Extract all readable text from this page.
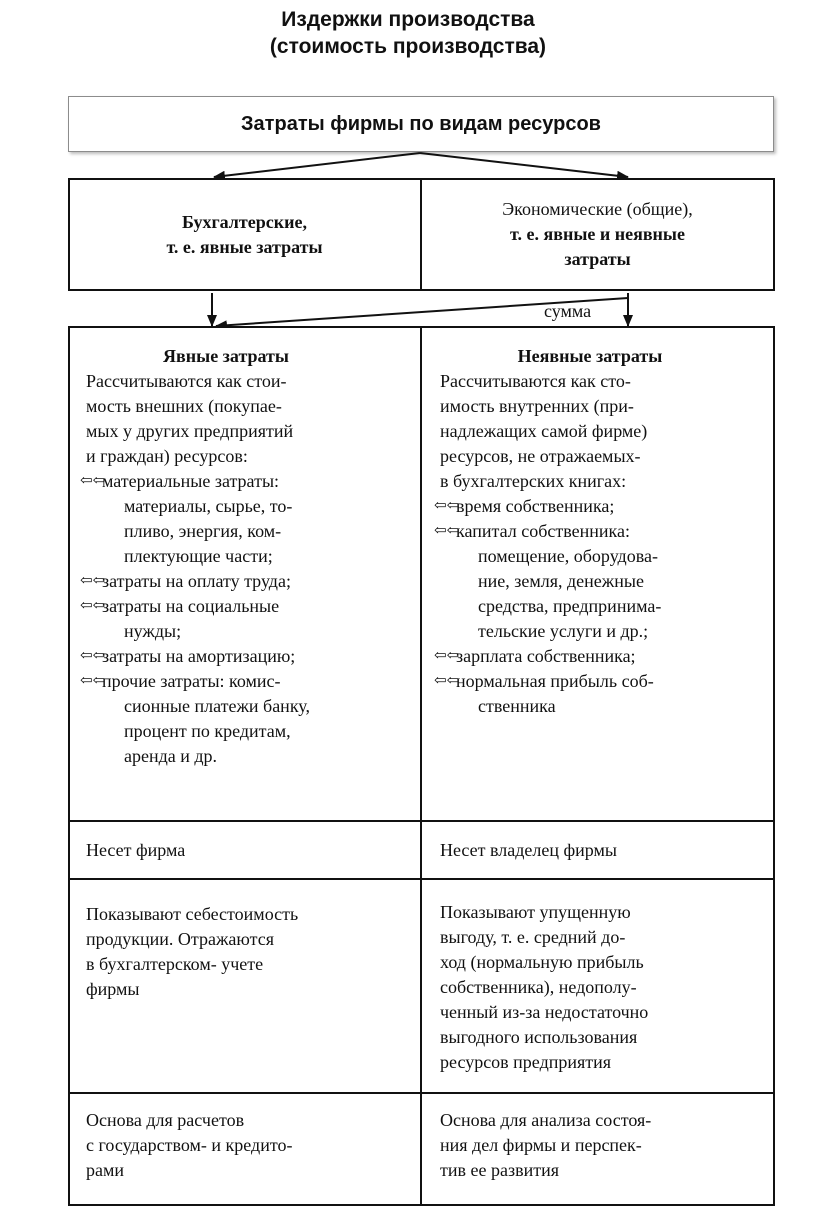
Издержки производства
(стоимость производства)
Затраты фирмы по видам ресурсов
Бухгалтерские,
т. е. явные затраты
Экономические (общие),
т. е. явные и неявные
затраты
сумма
Явные затраты
Рассчитываются как стои-
мость внешних (покупае-
мых у других предприятий
и граждан) ресурсов:
⇦⇦
материальные затраты:
материалы, сырье, то-
пливо, энергия, ком-
плектующие части;
⇦⇦
затраты на оплату труда;
⇦⇦
затраты на социальные
нужды;
⇦⇦
затраты на амортизацию;
⇦⇦
прочие затраты: комис-
сионные платежи банку,
процент по кредитам,
аренда и др.
Неявные затраты
Рассчитываются как сто-
имость внутренних (при-
надлежащих самой фирме)
ресурсов, не отражаемых-
в бухгалтерских книгах:
⇦⇦
время собственника;
⇦⇦
капитал собственника:
помещение, оборудова-
ние, земля, денежные
средства, предпринима-
тельские услуги и др.;
⇦⇦
зарплата собственника;
⇦⇦
нормальная прибыль соб-
ственника
Несет фирма	Несет владелец фирмы
Показывают себестоимость
продукции. Отражаются
в бухгалтерском- учете
фирмы
Показывают упущенную
выгоду, т. е. средний до-
ход (нормальную прибыль
собственника), недополу-
ченный из-за недостаточно
выгодного использования
ресурсов предприятия
Основа для расчетов
с государством- и кредито-
рами
Основа для анализа состоя-
ния дел фирмы и перспек-
тив ее развития
